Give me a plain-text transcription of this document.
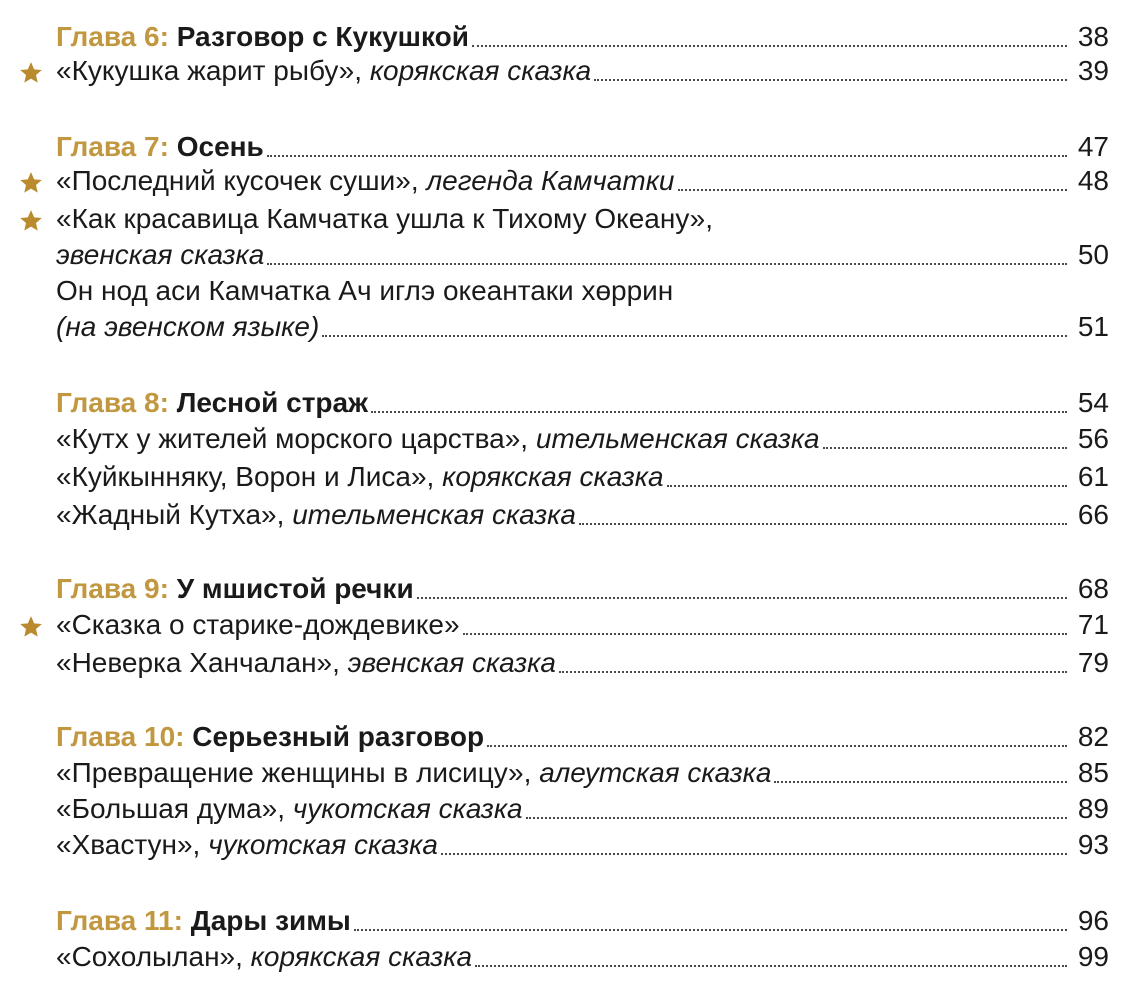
Глава 6: Разговор с Кукушкой	38
«Кукушка жарит рыбу», корякская сказка	39
Глава 7: Осень	47
«Последний кусочек суши», легенда Камчатки	48
«Как красавица Камчатка ушла к Тихому Океану»,
эвенская сказка	50
Он нод аси Камчатка Ач иглэ океантаки хөррин
(на эвенском языке)	51
Глава 8: Лесной страж	54
«Кутх у жителей морского царства», ительменская сказка	56
«Куйкынняку, Ворон и Лиса», корякская сказка	61
«Жадный Кутха», ительменская сказка	66
Глава 9: У мшистой речки	68
«Сказка о старике-дождевике»	71
«Неверка Ханчалан», эвенская сказка	79
Глава 10: Серьезный разговор	82
«Превращение женщины в лисицу», алеутская сказка	85
«Большая дума», чукотская сказка	89
«Хвастун», чукотская сказка	93
Глава 11: Дары зимы	96
«Сохолылан», корякская сказка	99
